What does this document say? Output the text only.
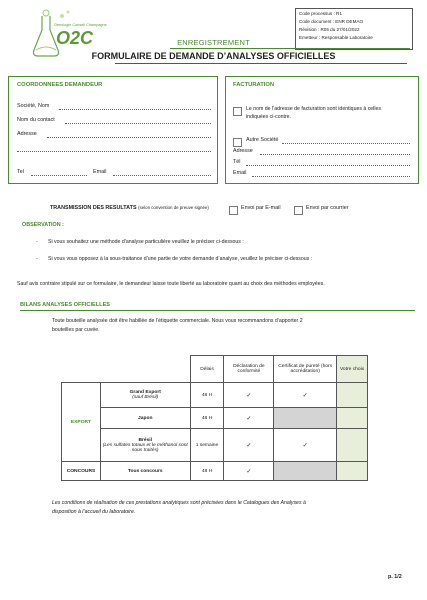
O2C
Oenologie Conseil Champagne
Code processus : R1
Code document : ENR DEMAO
Révision : R05 du 27/01/2022
Emetteur : Responsable Laboratoire
ENREGISTREMENT
FORMULAIRE DE DEMANDE D’ANALYSES OFFICIELLES
COORDONNEES DEMANDEUR
Société, Nom
Nom du contact
Adresse
Tel	Email
FACTURATION
Le nom de l’adresse de facturation sont identiques à celles
indiquées ci-contre.
Autre Société
Adresse
Tél
Email
TRANSMISSION DES RESULTATS (selon convention de preuve signée)	Envoi par E-mail	Envoi par courrier
OBSERVATION :
- Si vous souhaitez une méthode d’analyse particulière veuillez le préciser ci-dessous :
- Si vous vous opposez à la sous-traitance d’une partie de votre demande d’analyse, veuillez le préciser ci-dessous :
Sauf avis contraire stipulé sur ce formulaire, le demandeur laisse toute liberté au laboratoire quant au choix des méthodes employées.
BILANS ANALYSES OFFICIELLES
Toute bouteille analysée doit être habillée de l’étiquette commerciale. Nous vous recommandons d’apporter 2
bouteilles par cuvée.
		Délais	Déclaration de conformité	Certificat de pureté (hors accréditation)	Votre choix
EXPORT	Grand Export
(sauf Brésil)	48 H	✓	✓	
	Japon	48 H	✓		

	Brésil
(Les sulfates totaux et le méthanol sont sous traités)	1 semaine	✓	✓	
CONCOURS	Tous concours	48 H	✓		
Les conditions de réalisation de ces prestations analytiques sont précisées dans le Catalogues des Analyses à
disposition à l’accueil du laboratoire.
p. 1/2
